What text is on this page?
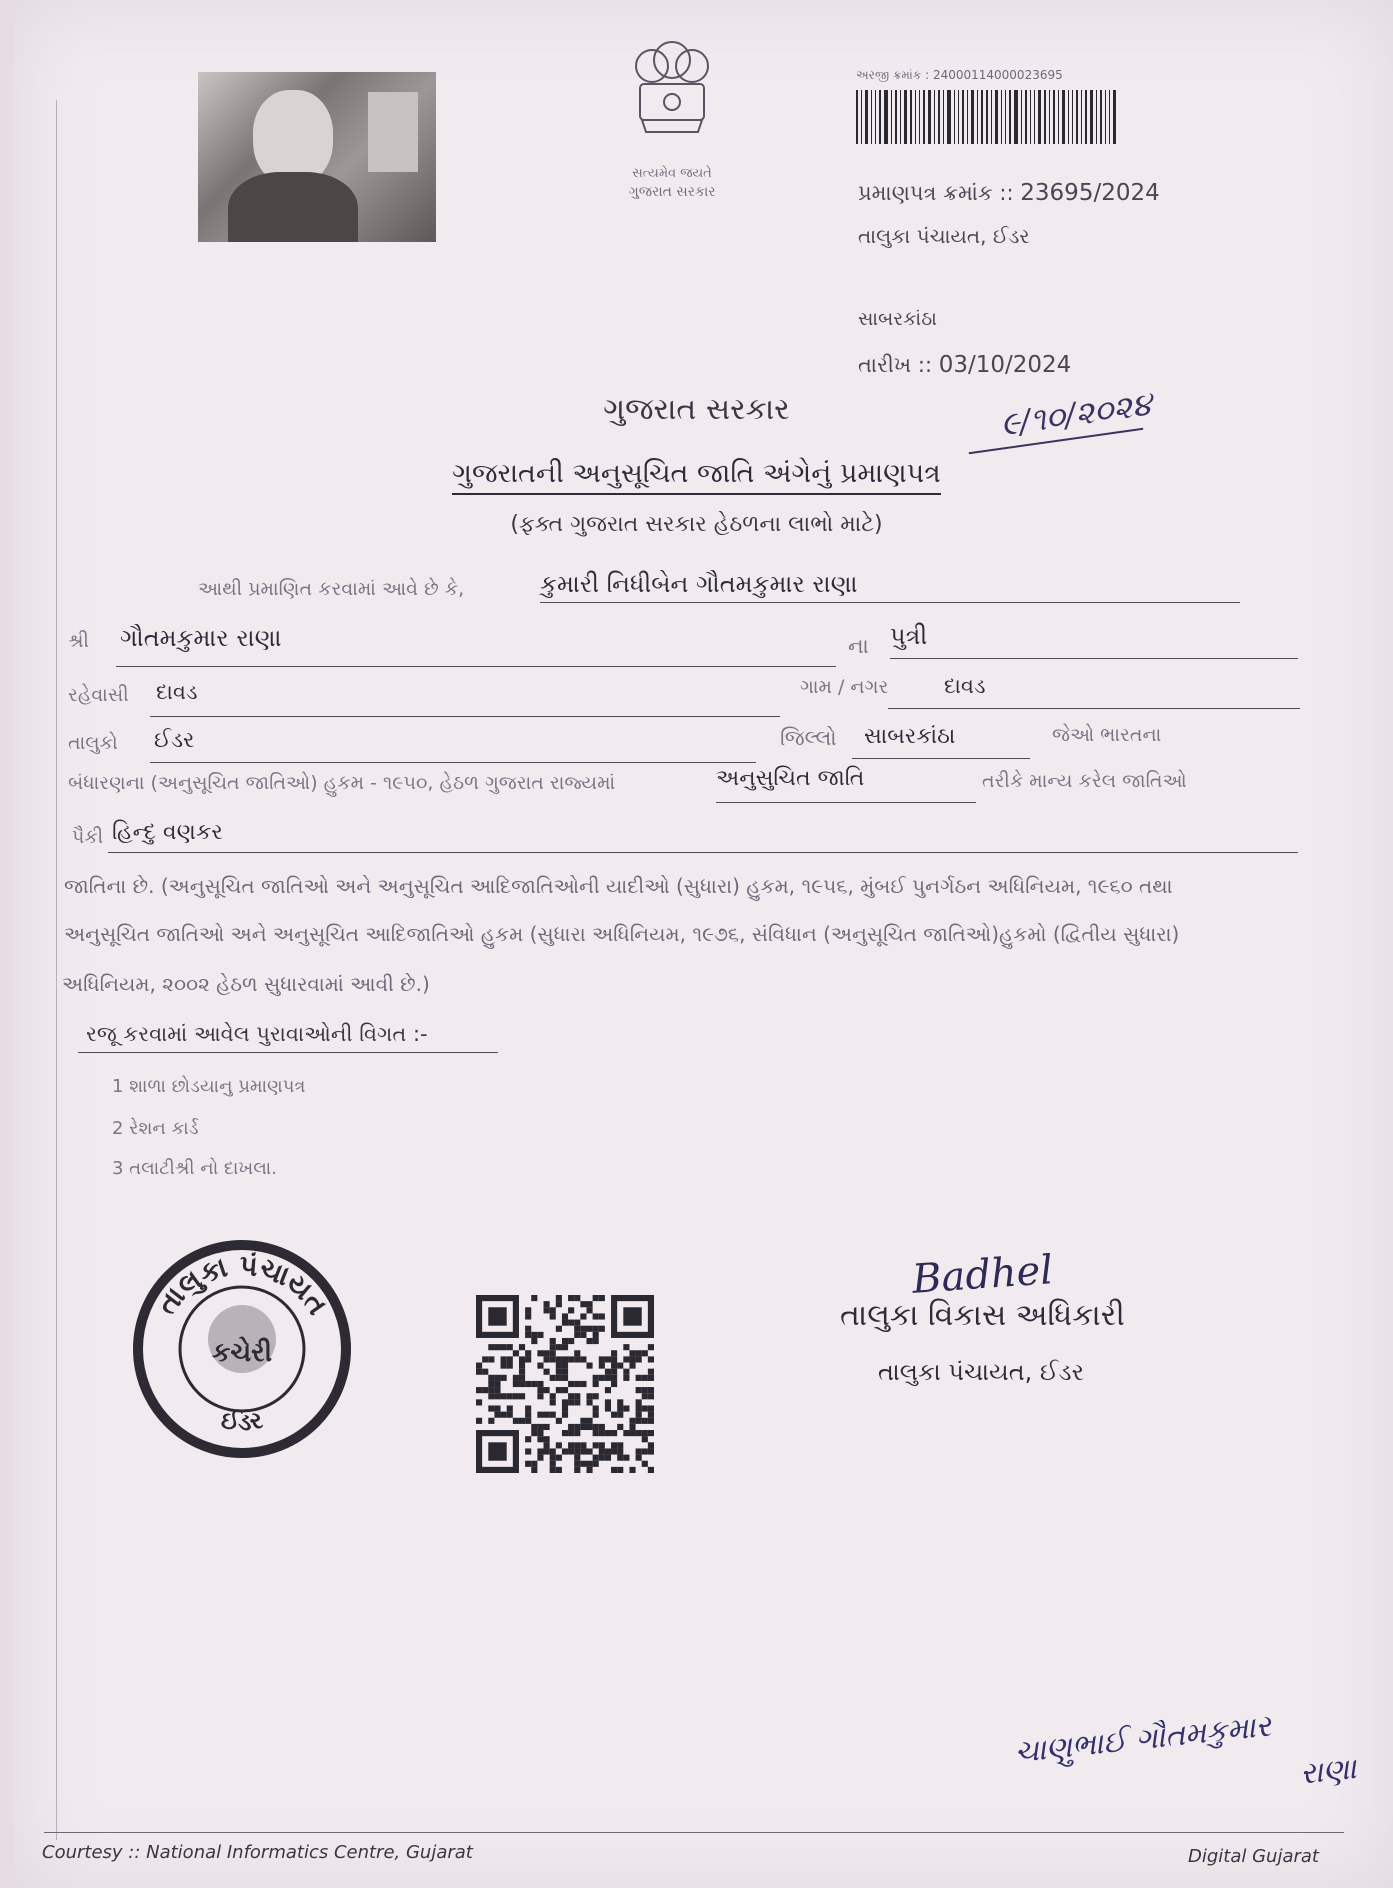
સત્યમેવ જયતે
ગુજરાત સરકાર
અરજી ક્રમાંક : 24000114000023695
પ્રમાણપત્ર ક્રમાંક :: 23695/2024
તાલુકા પંચાયત, ઈડર
સાબરકાંઠા
તારીખ :: 03/10/2024
૯/૧૦/૨૦૨૪
ગુજરાત સરકાર
ગુજરાતની અનુસૂચિત જાતિ અંગેનું પ્રમાણપત્ર
(ફક્ત ગુજરાત સરકાર હેઠળના લાભો માટે)
આથી પ્રમાણિત કરવામાં આવે છે કે,	કુમારી નિધીબેન ગૌતમકુમાર રાણા
શ્રી ગૌતમકુમાર રાણા	ના પુત્રી
રહેવાસી દાવડ	ગામ / નગર	દાવડ
તાલુકો ઈડર	જિલ્લો સાબરકાંઠા	જેઓ ભારતના
બંધારણના (અનુસૂચિત જાતિઓ) હુકમ - ૧૯૫૦, હેઠળ ગુજરાત રાજ્યમાં	અનુસુચિત જાતિ	તરીકે માન્ય કરેલ જાતિઓ
પૈકી હિન્દુ વણકર
જાતિના છે. (અનુસૂચિત જાતિઓ અને અનુસૂચિત આદિજાતિઓની યાદીઓ (સુધારા) હુકમ, ૧૯૫૬, મુંબઈ પુનર્ગઠન અધિનિયમ, ૧૯૬૦ તથા
અનુસૂચિત જાતિઓ અને અનુસૂચિત આદિજાતિઓ હુકમ (સુધારા અધિનિયમ, ૧૯૭૬, સંવિધાન (અનુસૂચિત જાતિઓ)હુકમો (દ્વિતીય સુધારા)
અધિનિયમ, ૨૦૦૨ હેઠળ સુધારવામાં આવી છે.)
રજૂ કરવામાં આવેલ પુરાવાઓની વિગત :-
1 શાળા છોડયાનુ પ્રમાણપત્ર
2 રેશન કાર્ડ
3 તલાટીશ્રી નો દાખલા.
તાલુકા પંચાયત
કચેરી
ઈડર
Badhel
તાલુકા વિકાસ અધિકારી
તાલુકા પંચાયત, ઈડર
ચાણુભાઈ ગૌતમકુમાર
રાણા
Courtesy :: National Informatics Centre, Gujarat	Digital Gujarat
